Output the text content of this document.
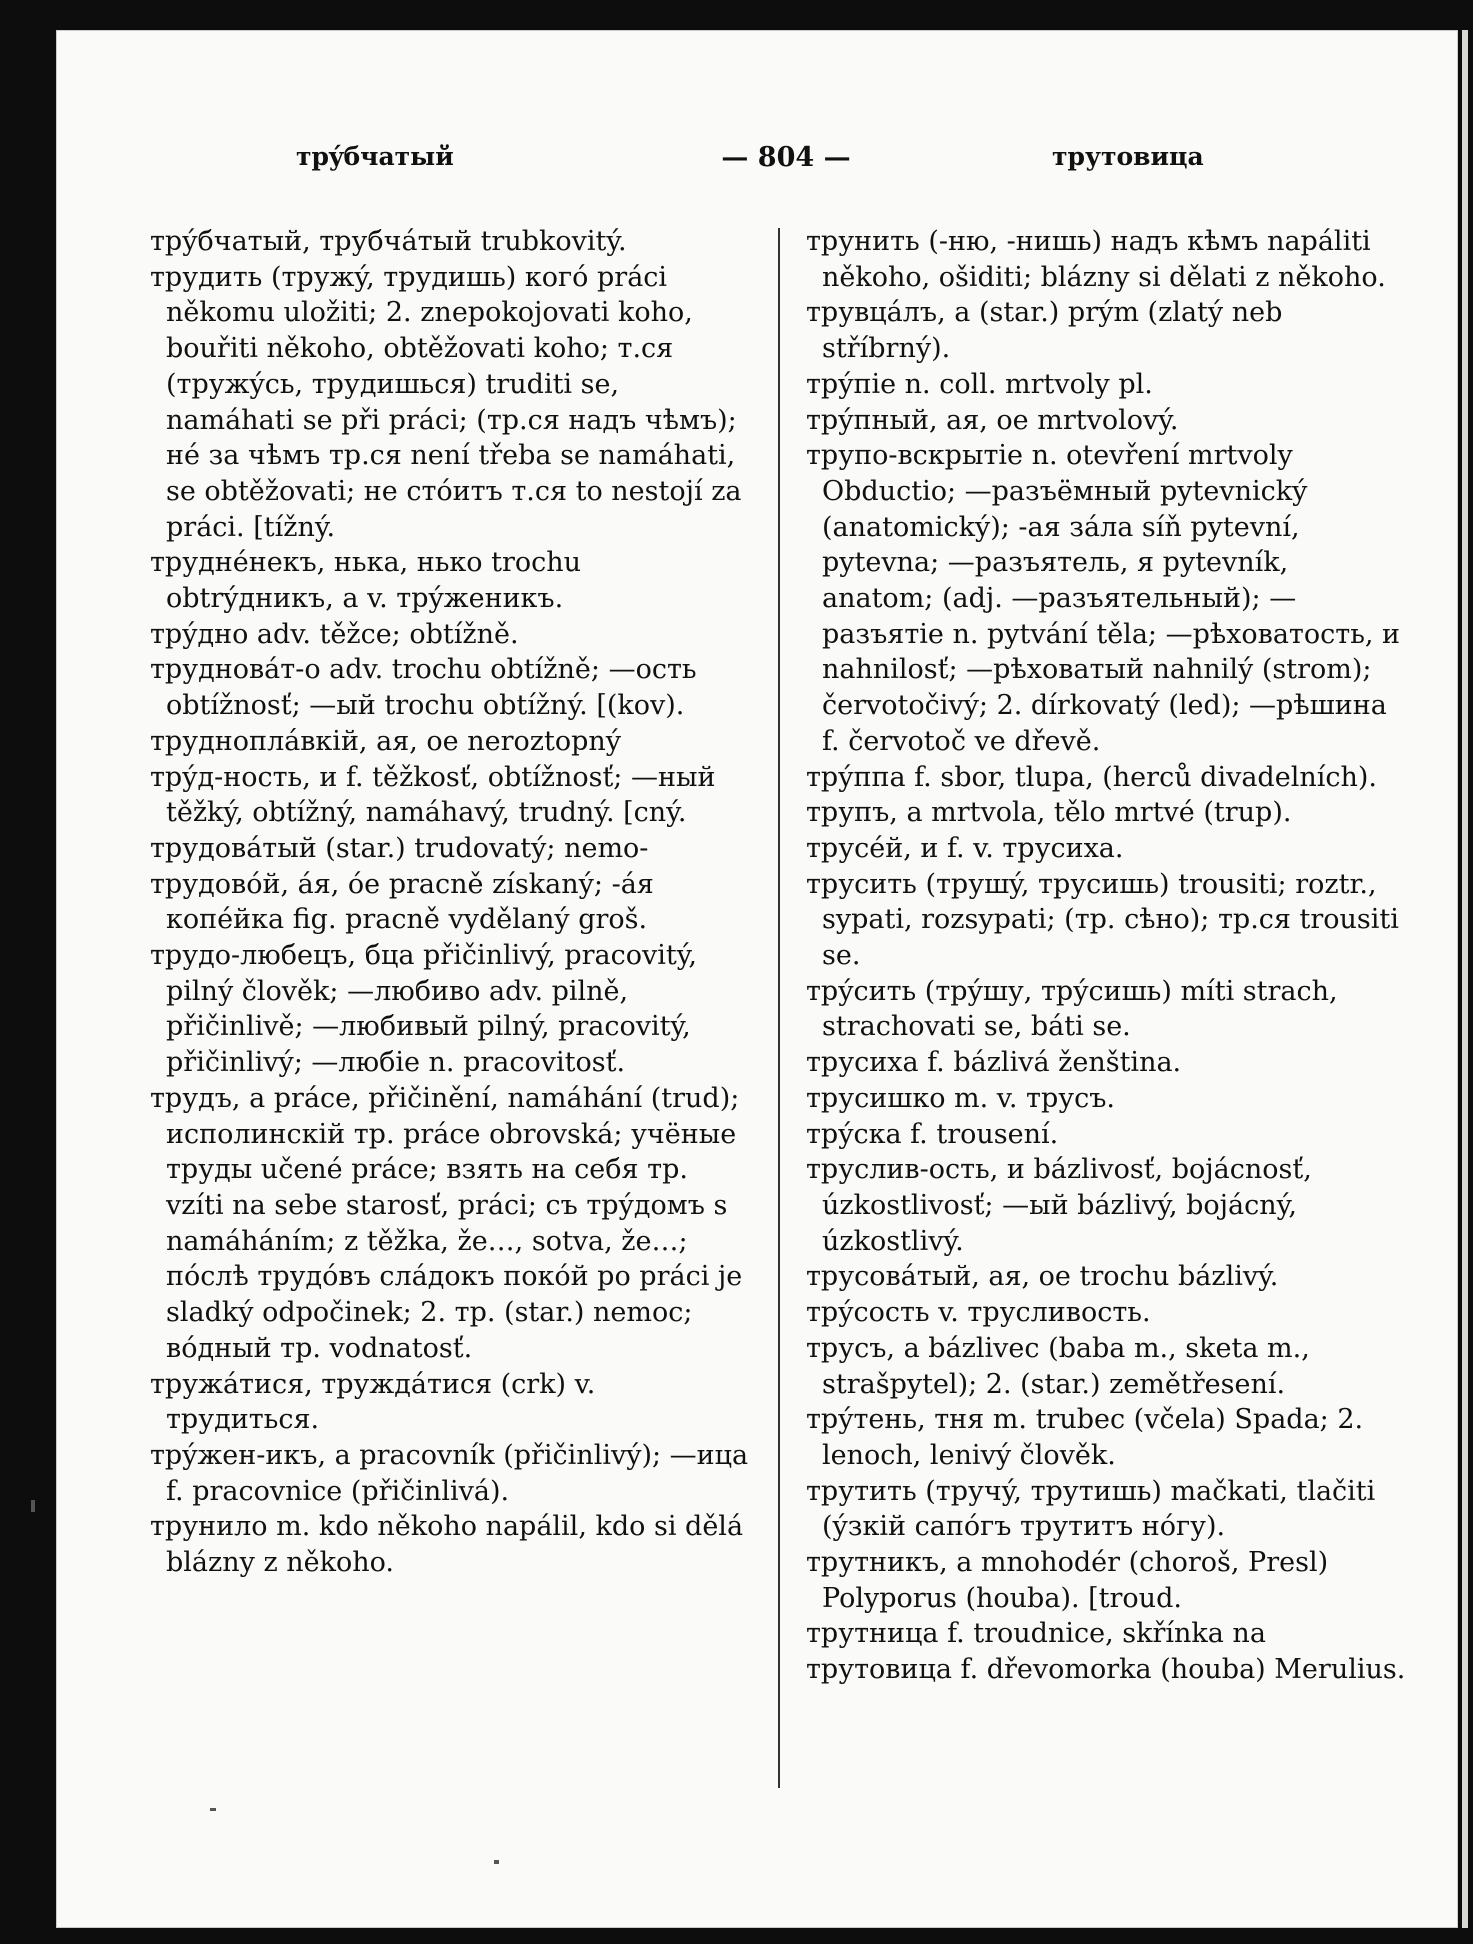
трýбчатый	— 804 —	трутовица

трýбчатый, трубчáтый trubkovitý.

трудить (тружý, трудишь) когó práci někomu uložiti; 2. znepokojovati koho, bouřiti někoho, obtěžovati koho; т.ся (тружýсь, трудишься) truditi se, namáhati se při práci; (тр.ся надъ чѣмъ); нé за чѣмъ тр.ся není třeba se namáhati, se obtěžovati; не стóитъ т.ся to nestojí za práci. [tížný.

труднéнекъ, нька, нько trochu obtrýдникъ, a v. трýженикъ.

трýдно adv. těžce; obtížně.

трудновáт-о adv. trochu obtížně; —ость obtížnosť; —ый trochu obtížný. [(kov).

труднопла́вкій, ая, ое neroztopný

трýд-ность, и f. těžkosť, obtížnosť; —ный těžký, obtížný, namáhavý, trudný. [cný.

трудовáтый (star.) trudovatý; nemo-

трудовóй, áя, óе pracně získaný; -áя копéйка fig. pracně vydělaný groš.

трудо-любецъ, бца přičinlivý, pracovitý, pilný člověk; —любиво adv. pilně, přičinlivě; —любивый pilný, pracovitý, přičinlivý; —любіе n. pracovitosť.

трудъ, a práce, přičinění, namáhání (trud); исполинскій тр. práce obrovská; учёные труды učené práce; взять на себя тр. vzíti na sebe starosť, práci; съ трýдомъ s namáháním; z těžka, že…, sotva, že…; пóслѣ трудóвъ слáдокъ покóй po práci je sladký odpočinek; 2. тр. (star.) nemoc; вóдный тр. vodnatosť.

тружáтися, труждáтися (crk) v. трудиться.

трýжен-икъ, a pracovník (přičinlivý); —ица f. pracovnice (přičinlivá).

трунило m. kdo někoho napálil, kdo si dělá blázny z někoho.

трунить (-ню, -нишь) надъ кѣмъ napáliti někoho, ošiditi; blázny si dělati z někoho.

трувцáлъ, a (star.) prým (zlatý neb stříbrný).

трýпіе n. coll. mrtvoly pl.

трýпный, ая, ое mrtvolový.

трупо-вскрытіе n. otevření mrtvoly Obductio; —разъёмный pytevnický (anatomický); -ая зáла síň pytevní, pytevna; —разъятель, я pytevník, anatom; (adj. —разъятельный); —разъятіе n. pytvání těla; —рѣховатость, и nahnilosť; —рѣховатый nahnilý (strom); červotočivý; 2. dírkovatý (led); —рѣшина f. červotoč ve dřevě.

трýппа f. sbor, tlupa, (herců divadelních).

трупъ, a mrtvola, tělo mrtvé (trup).

трусéй, и f. v. трусиха.

трусить (трушý, трусишь) trousiti; roztr., sypati, rozsypati; (тр. сѣно); тр.ся trousiti se.

трýсить (трýшу, трýсишь) míti strach, strachovati se, báti se.

трусиха f. bázlivá ženština.

трусишко m. v. трусъ.

трýска f. trousení.

труслив-ость, и bázlivosť, bojácnosť, úzkostlivosť; —ый bázlivý, bojácný, úzkostlivý.

трусовáтый, ая, ое trochu bázlivý.

трýсость v. трусливость.

трусъ, a bázlivec (baba m., sketa m., strašpytel); 2. (star.) zemětřesení.

трýтень, тня m. trubec (včela) Spada; 2. lenoch, lenivý člověk.

трутить (тручý, трутишь) mačkati, tlačiti (ýзкій сапóгъ трутитъ нóгу).

трутникъ, a mnohodér (choroš, Presl) Polyporus (houba). [troud.

трутница f. troudnice, skřínka na

трутовица f. dřevomorka (houba) Merulius.
